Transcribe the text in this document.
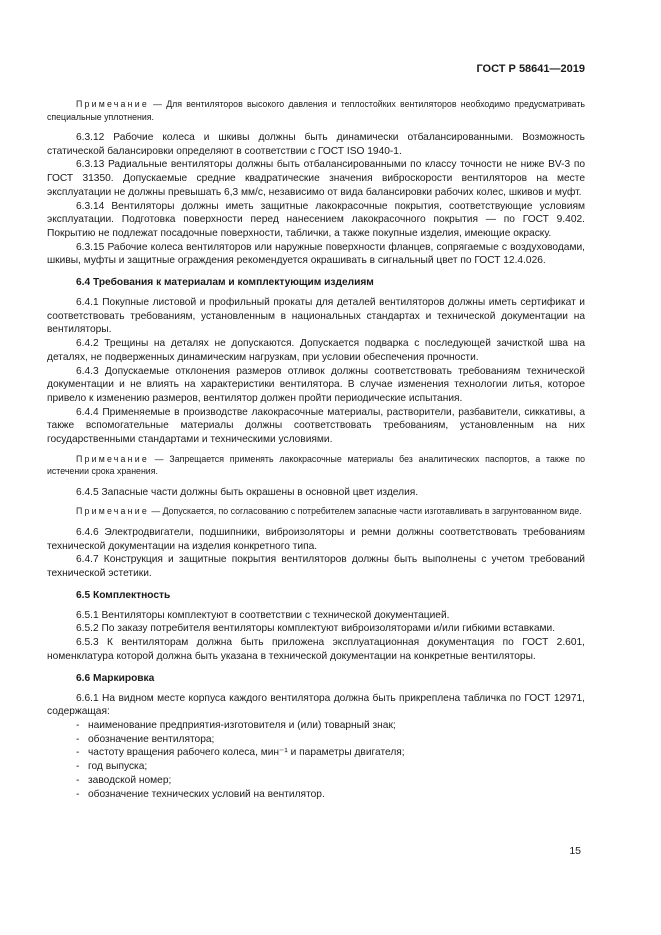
ГОСТ Р 58641—2019

Примечание — Для вентиляторов высокого давления и теплостойких вентиляторов необходимо предусматривать специальные уплотнения.

6.3.12 Рабочие колеса и шкивы должны быть динамически отбалансированными. Возможность статической балансировки определяют в соответствии с ГОСТ ISO 1940-1.

6.3.13 Радиальные вентиляторы должны быть отбалансированными по классу точности не ниже BV-3 по ГОСТ 31350. Допускаемые средние квадратические значения виброскорости вентиляторов на месте эксплуатации не должны превышать 6,3 мм/с, независимо от вида балансировки рабочих колес, шкивов и муфт.

6.3.14 Вентиляторы должны иметь защитные лакокрасочные покрытия, соответствующие условиям эксплуатации. Подготовка поверхности перед нанесением лакокрасочного покрытия — по ГОСТ 9.402. Покрытию не подлежат посадочные поверхности, таблички, а также покупные изделия, имеющие окраску.

6.3.15 Рабочие колеса вентиляторов или наружные поверхности фланцев, сопрягаемые с воздуховодами, шкивы, муфты и защитные ограждения рекомендуется окрашивать в сигнальный цвет по ГОСТ 12.4.026.

6.4 Требования к материалам и комплектующим изделиям

6.4.1 Покупные листовой и профильный прокаты для деталей вентиляторов должны иметь сертификат и соответствовать требованиям, установленным в национальных стандартах и технической документации на вентиляторы.

6.4.2 Трещины на деталях не допускаются. Допускается подварка с последующей зачисткой шва на деталях, не подверженных динамическим нагрузкам, при условии обеспечения прочности.

6.4.3 Допускаемые отклонения размеров отливок должны соответствовать требованиям технической документации и не влиять на характеристики вентилятора. В случае изменения технологии литья, которое привело к изменению размеров, вентилятор должен пройти периодические испытания.

6.4.4 Применяемые в производстве лакокрасочные материалы, растворители, разбавители, сиккативы, а также вспомогательные материалы должны соответствовать требованиям, установленным на них государственными стандартами и техническими условиями.

Примечание — Запрещается применять лакокрасочные материалы без аналитических паспортов, а также по истечении срока хранения.

6.4.5 Запасные части должны быть окрашены в основной цвет изделия.

Примечание — Допускается, по согласованию с потребителем запасные части изготавливать в загрунтованном виде.

6.4.6 Электродвигатели, подшипники, виброизоляторы и ремни должны соответствовать требованиям технической документации на изделия конкретного типа.

6.4.7 Конструкция и защитные покрытия вентиляторов должны быть выполнены с учетом требований технической эстетики.

6.5 Комплектность

6.5.1 Вентиляторы комплектуют в соответствии с технической документацией.

6.5.2 По заказу потребителя вентиляторы комплектуют виброизоляторами и/или гибкими вставками.

6.5.3 К вентиляторам должна быть приложена эксплуатационная документация по ГОСТ 2.601, номенклатура которой должна быть указана в технической документации на конкретные вентиляторы.

6.6 Маркировка

6.6.1 На видном месте корпуса каждого вентилятора должна быть прикреплена табличка по ГОСТ 12971, содержащая:

- наименование предприятия-изготовителя и (или) товарный знак;
- обозначение вентилятора;
- частоту вращения рабочего колеса, мин⁻¹ и параметры двигателя;
- год выпуска;
- заводской номер;
- обозначение технических условий на вентилятор.
15
